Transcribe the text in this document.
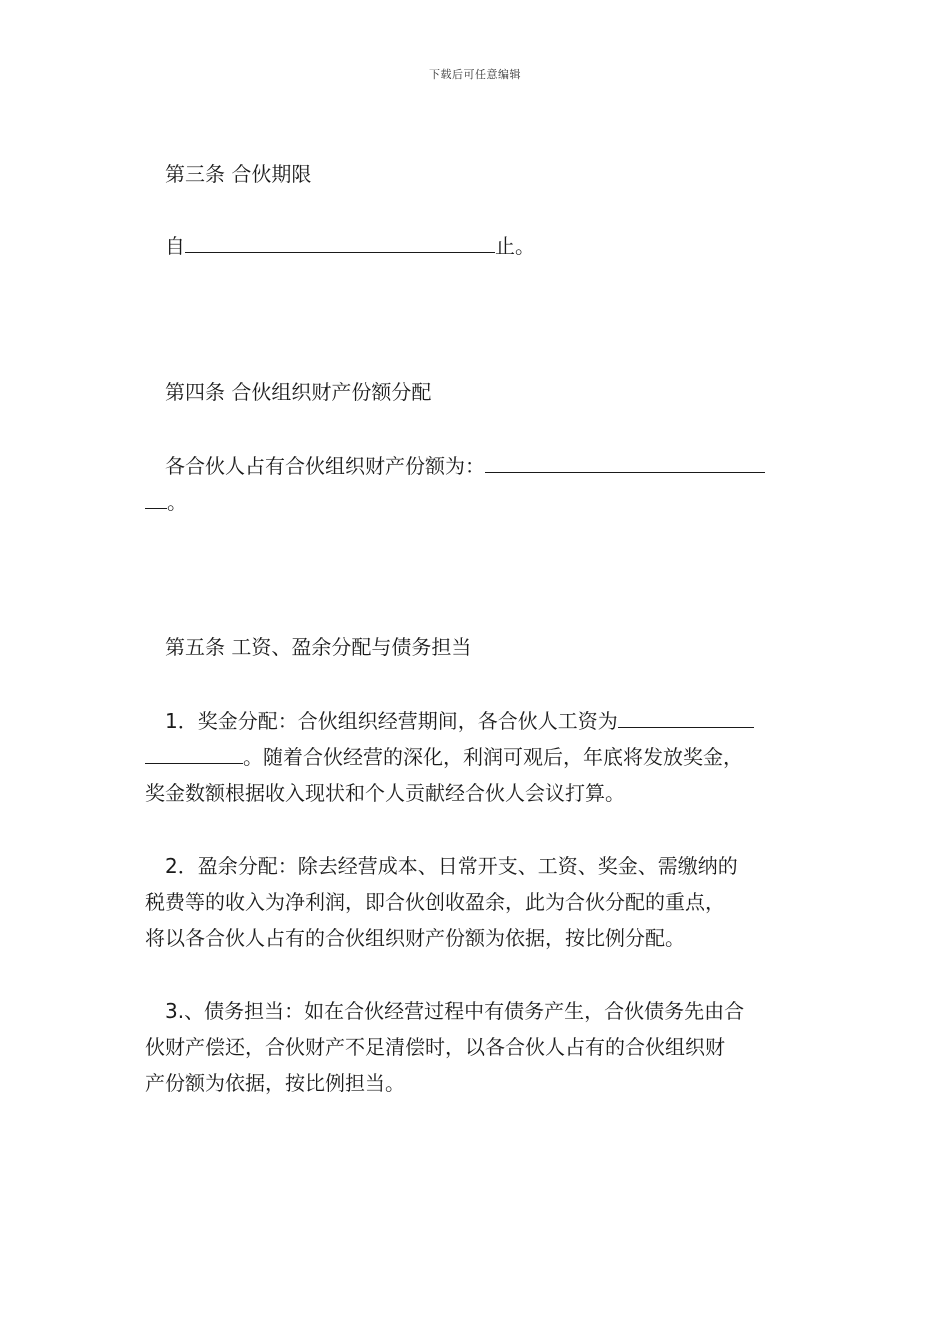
下载后可任意编辑
第三条 合伙期限
自	止。
第四条 合伙组织财产份额分配
各合伙人占有合伙组织财产份额为：
。
第五条 工资、盈余分配与债务担当
1．奖金分配：合伙组织经营期间，各合伙人工资为
。随着合伙经营的深化，利润可观后，年底将发放奖金，
奖金数额根据收入现状和个人贡献经合伙人会议打算。
2．盈余分配：除去经营成本、日常开支、工资、奖金、需缴纳的
税费等的收入为净利润，即合伙创收盈余，此为合伙分配的重点，
将以各合伙人占有的合伙组织财产份额为依据，按比例分配。
3.、债务担当：如在合伙经营过程中有债务产生，合伙债务先由合
伙财产偿还，合伙财产不足清偿时，以各合伙人占有的合伙组织财
产份额为依据，按比例担当。
